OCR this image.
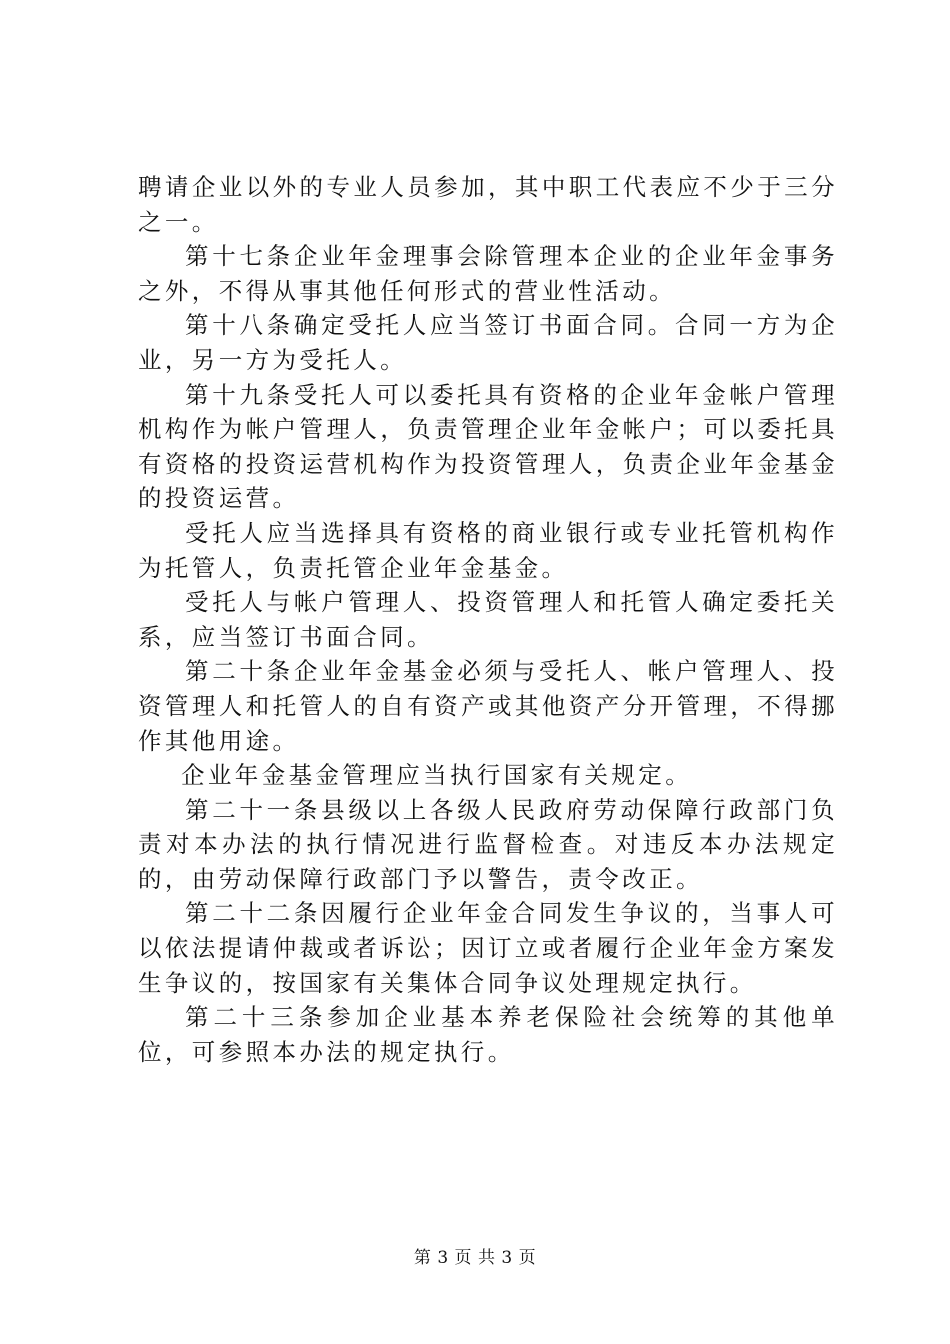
聘请企业以外的专业人员参加，其中职工代表应不少于三分之一。

第十七条企业年金理事会除管理本企业的企业年金事务之外，不得从事其他任何形式的营业性活动。

第十八条确定受托人应当签订书面合同。合同一方为企业，另一方为受托人。

第十九条受托人可以委托具有资格的企业年金帐户管理机构作为帐户管理人，负责管理企业年金帐户；可以委托具有资格的投资运营机构作为投资管理人，负责企业年金基金的投资运营。

受托人应当选择具有资格的商业银行或专业托管机构作为托管人，负责托管企业年金基金。

受托人与帐户管理人、投资管理人和托管人确定委托关系，应当签订书面合同。

第二十条企业年金基金必须与受托人、帐户管理人、投资管理人和托管人的自有资产或其他资产分开管理，不得挪作其他用途。

企业年金基金管理应当执行国家有关规定。

第二十一条县级以上各级人民政府劳动保障行政部门负责对本办法的执行情况进行监督检查。对违反本办法规定的，由劳动保障行政部门予以警告，责令改正。

第二十二条因履行企业年金合同发生争议的，当事人可以依法提请仲裁或者诉讼；因订立或者履行企业年金方案发生争议的，按国家有关集体合同争议处理规定执行。

第二十三条参加企业基本养老保险社会统筹的其他单位，可参照本办法的规定执行。

第 3 页 共 3 页
